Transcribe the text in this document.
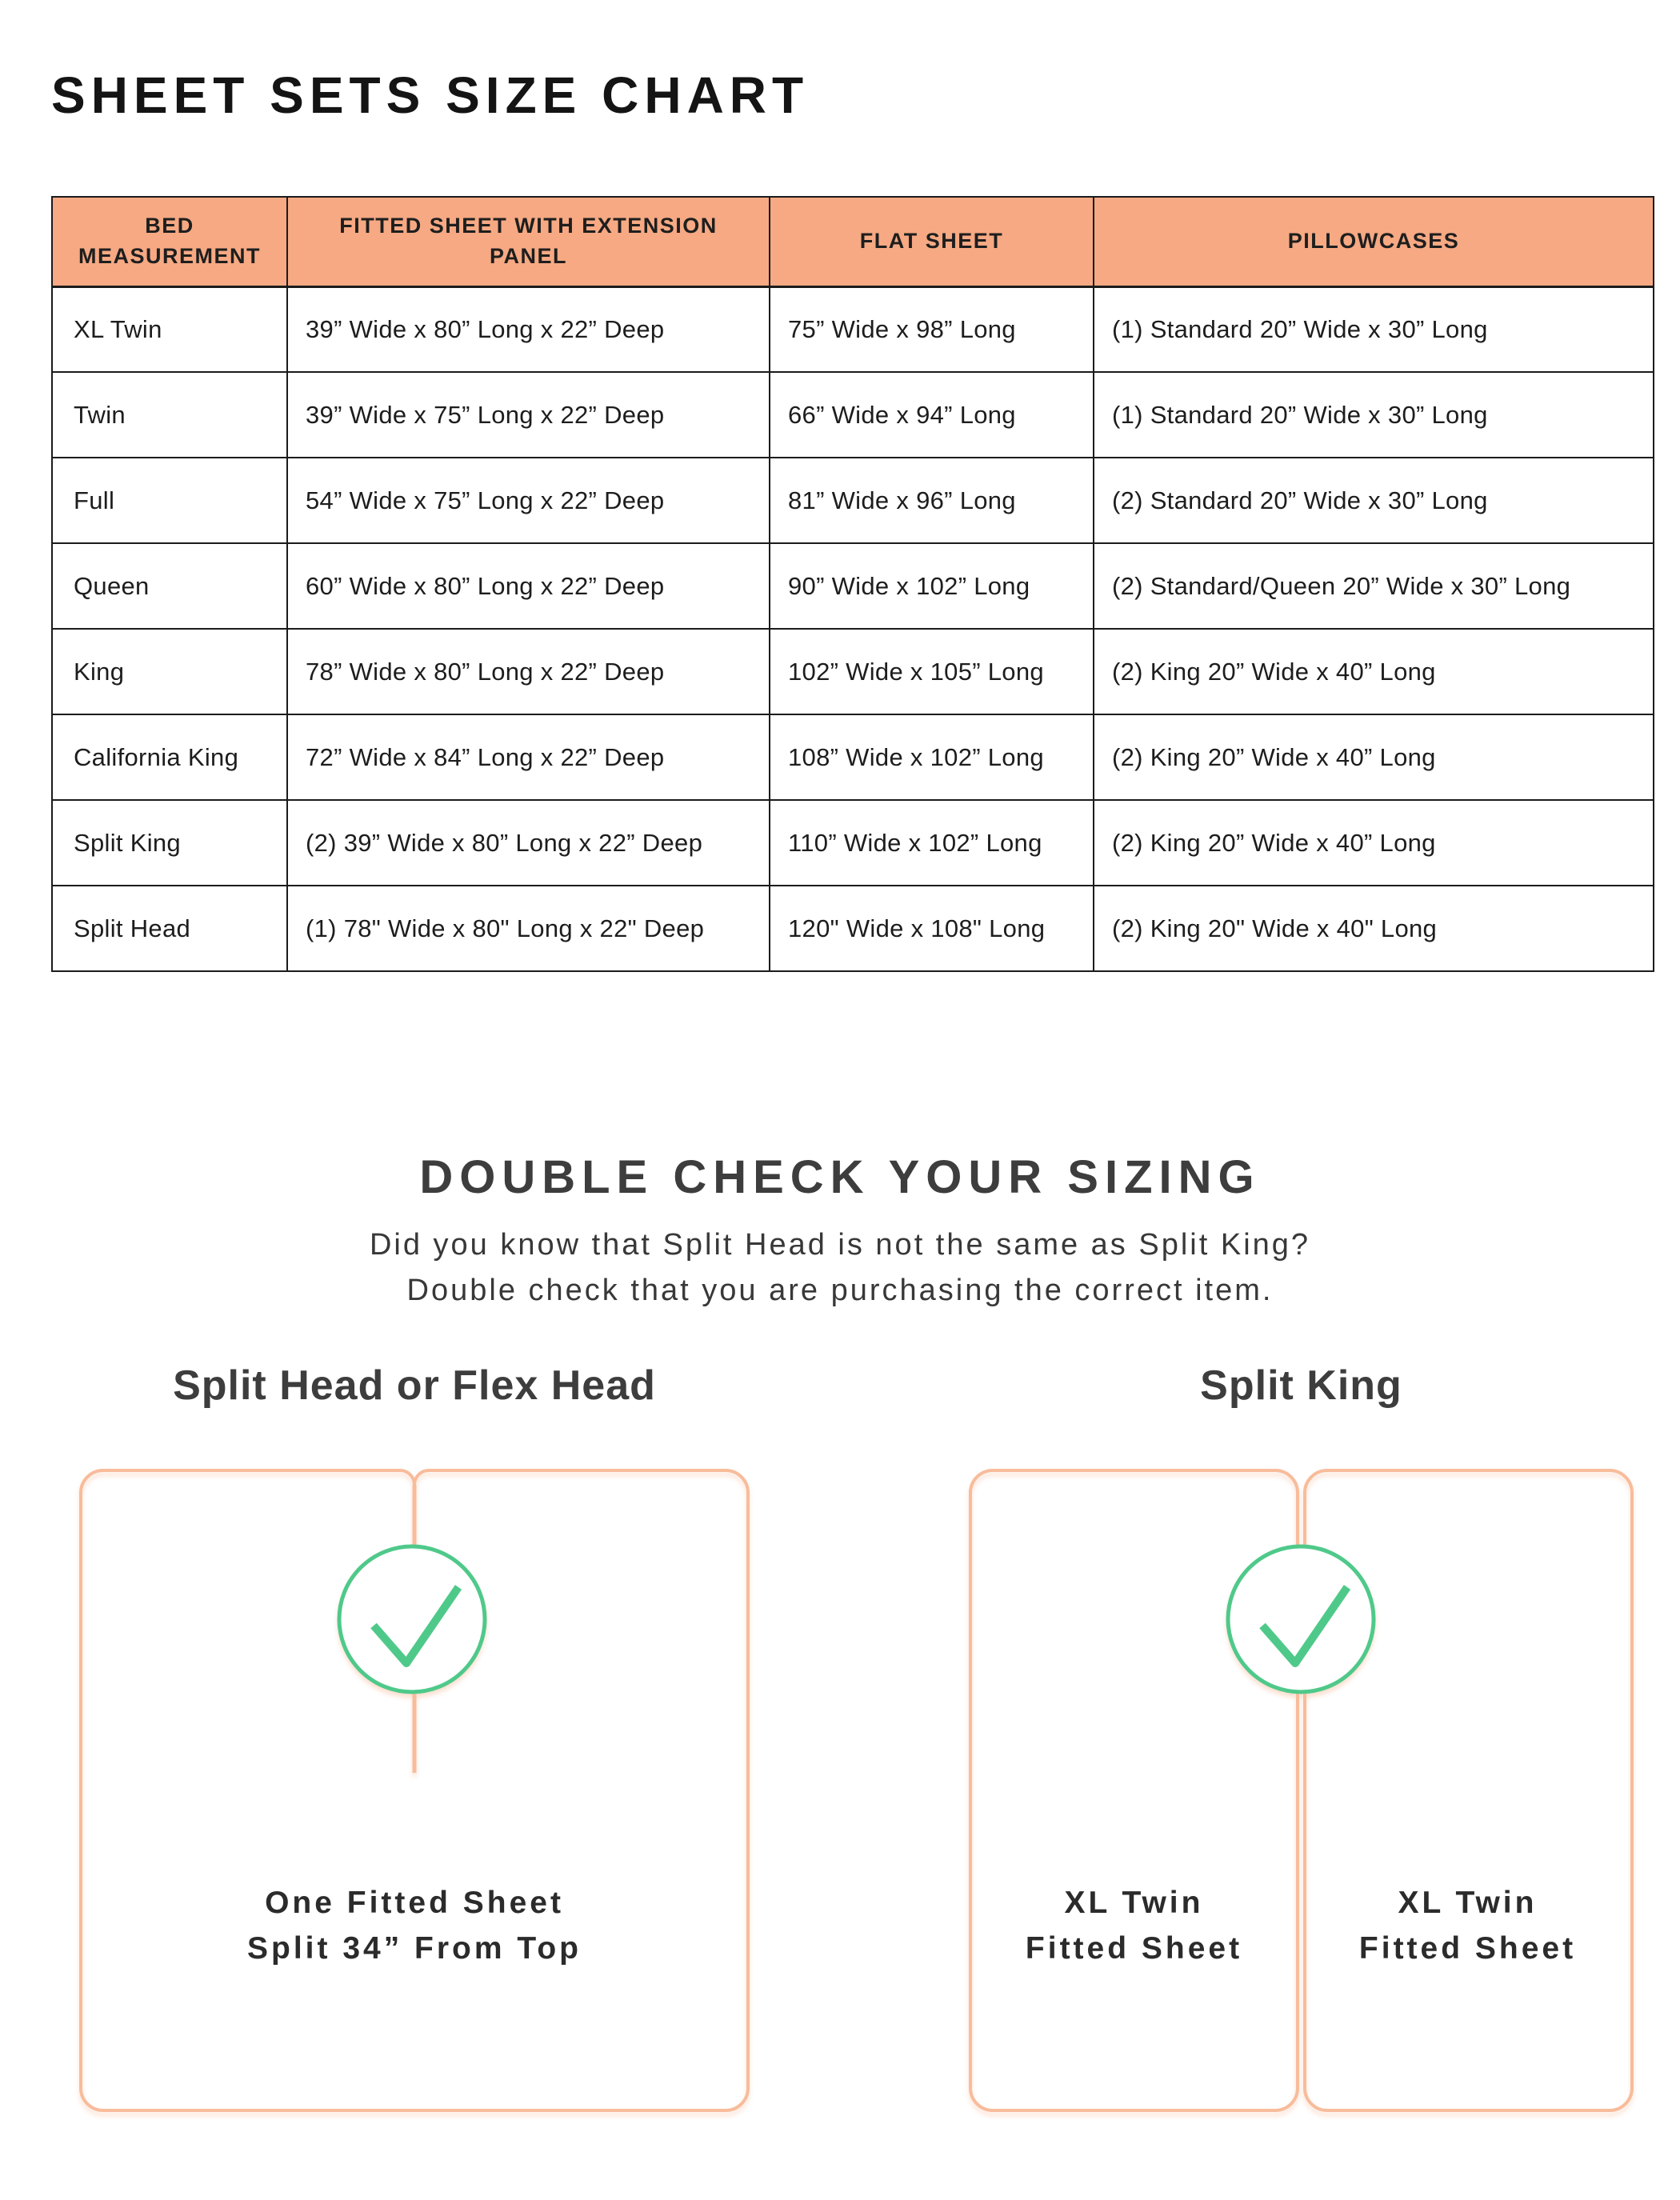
SHEET SETS SIZE CHART
BED MEASUREMENT	FITTED SHEET WITH EXTENSION PANEL	FLAT SHEET	PILLOWCASES
XL Twin	39” Wide x 80” Long x 22” Deep	75” Wide x 98” Long	(1) Standard 20” Wide x 30” Long
Twin	39” Wide x 75” Long x 22” Deep	66” Wide x 94” Long	(1) Standard 20” Wide x 30” Long
Full	54” Wide x 75” Long x 22” Deep	81” Wide x 96” Long	(2) Standard 20” Wide x 30” Long
Queen	60” Wide x 80” Long x 22” Deep	90” Wide x 102” Long	(2) Standard/Queen 20” Wide x 30” Long
King	78” Wide x 80” Long x 22” Deep	102” Wide x 105” Long	(2) King 20” Wide x 40” Long
California King	72” Wide x 84” Long x 22” Deep	108” Wide x 102” Long	(2) King 20” Wide x 40” Long
Split King	(2) 39” Wide x 80” Long x 22” Deep	110” Wide x 102” Long	(2) King 20” Wide x 40” Long
Split Head	(1) 78" Wide x 80" Long x 22" Deep	120" Wide x 108" Long	(2) King 20" Wide x 40" Long
DOUBLE CHECK YOUR SIZING
Did you know that Split Head is not the same as Split King?
Double check that you are purchasing the correct item.
Split Head or Flex Head	Split King
One Fitted Sheet
Split 34” From Top
XL Twin
Fitted Sheet
XL Twin
Fitted Sheet
